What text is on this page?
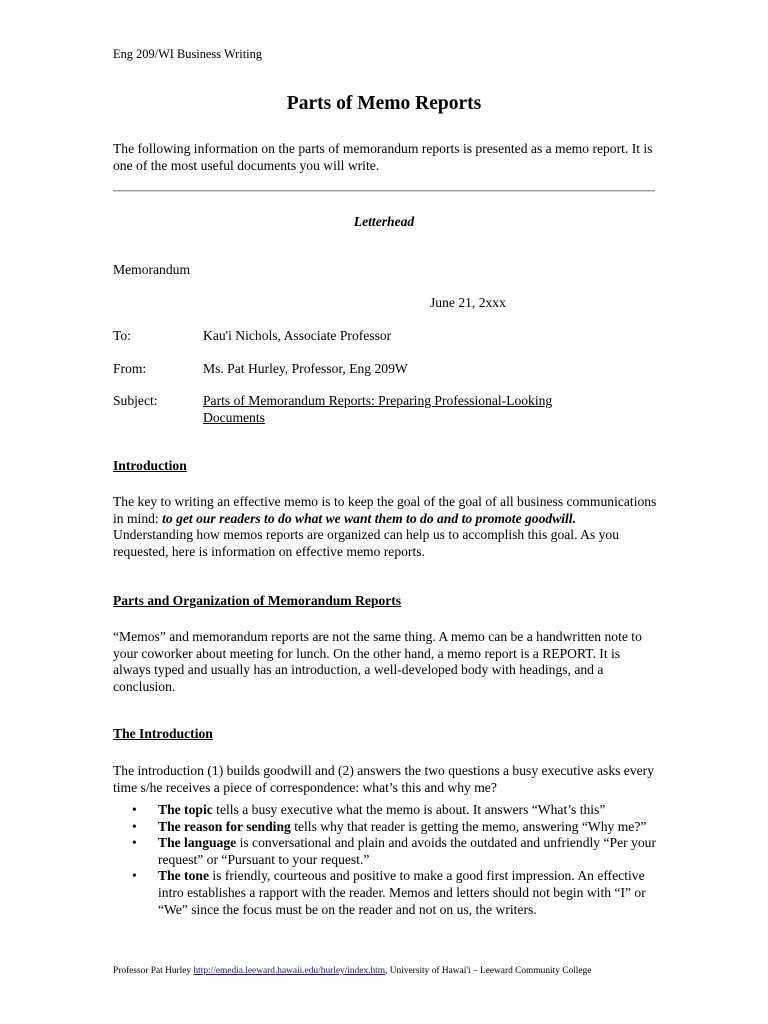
Eng 209/WI Business Writing
Parts of Memo Reports
The following information on the parts of memorandum reports is presented as a memo report. It is one of the most useful documents you will write.
Letterhead
Memorandum
June 21, 2xxx
To:	Kau'i Nichols, Associate Professor
From:	Ms. Pat Hurley, Professor, Eng 209W
Subject:	Parts of Memorandum Reports: Preparing Professional-Looking
Documents
Introduction
The key to writing an effective memo is to keep the goal of the goal of all business communications in mind: to get our readers to do what we want them to do and to promote goodwill. Understanding how memos reports are organized can help us to accomplish this goal. As you requested, here is information on effective memo reports.
Parts and Organization of Memorandum Reports
“Memos” and memorandum reports are not the same thing. A memo can be a handwritten note to your coworker about meeting for lunch. On the other hand, a memo report is a REPORT. It is always typed and usually has an introduction, a well-developed body with headings, and a conclusion.
The Introduction
The introduction (1) builds goodwill and (2) answers the two questions a busy executive asks every time s/he receives a piece of correspondence: what’s this and why me?
• The topic tells a busy executive what the memo is about. It answers “What’s this”
• The reason for sending tells why that reader is getting the memo, answering “Why me?”
• The language is conversational and plain and avoids the outdated and unfriendly “Per your request” or “Pursuant to your request.”
• The tone is friendly, courteous and positive to make a good first impression. An effective intro establishes a rapport with the reader. Memos and letters should not begin with “I” or “We” since the focus must be on the reader and not on us, the writers.
Professor Pat Hurley http://emedia.leeward.hawaii.edu/hurley/index.htm, University of Hawai'i – Leeward Community College
